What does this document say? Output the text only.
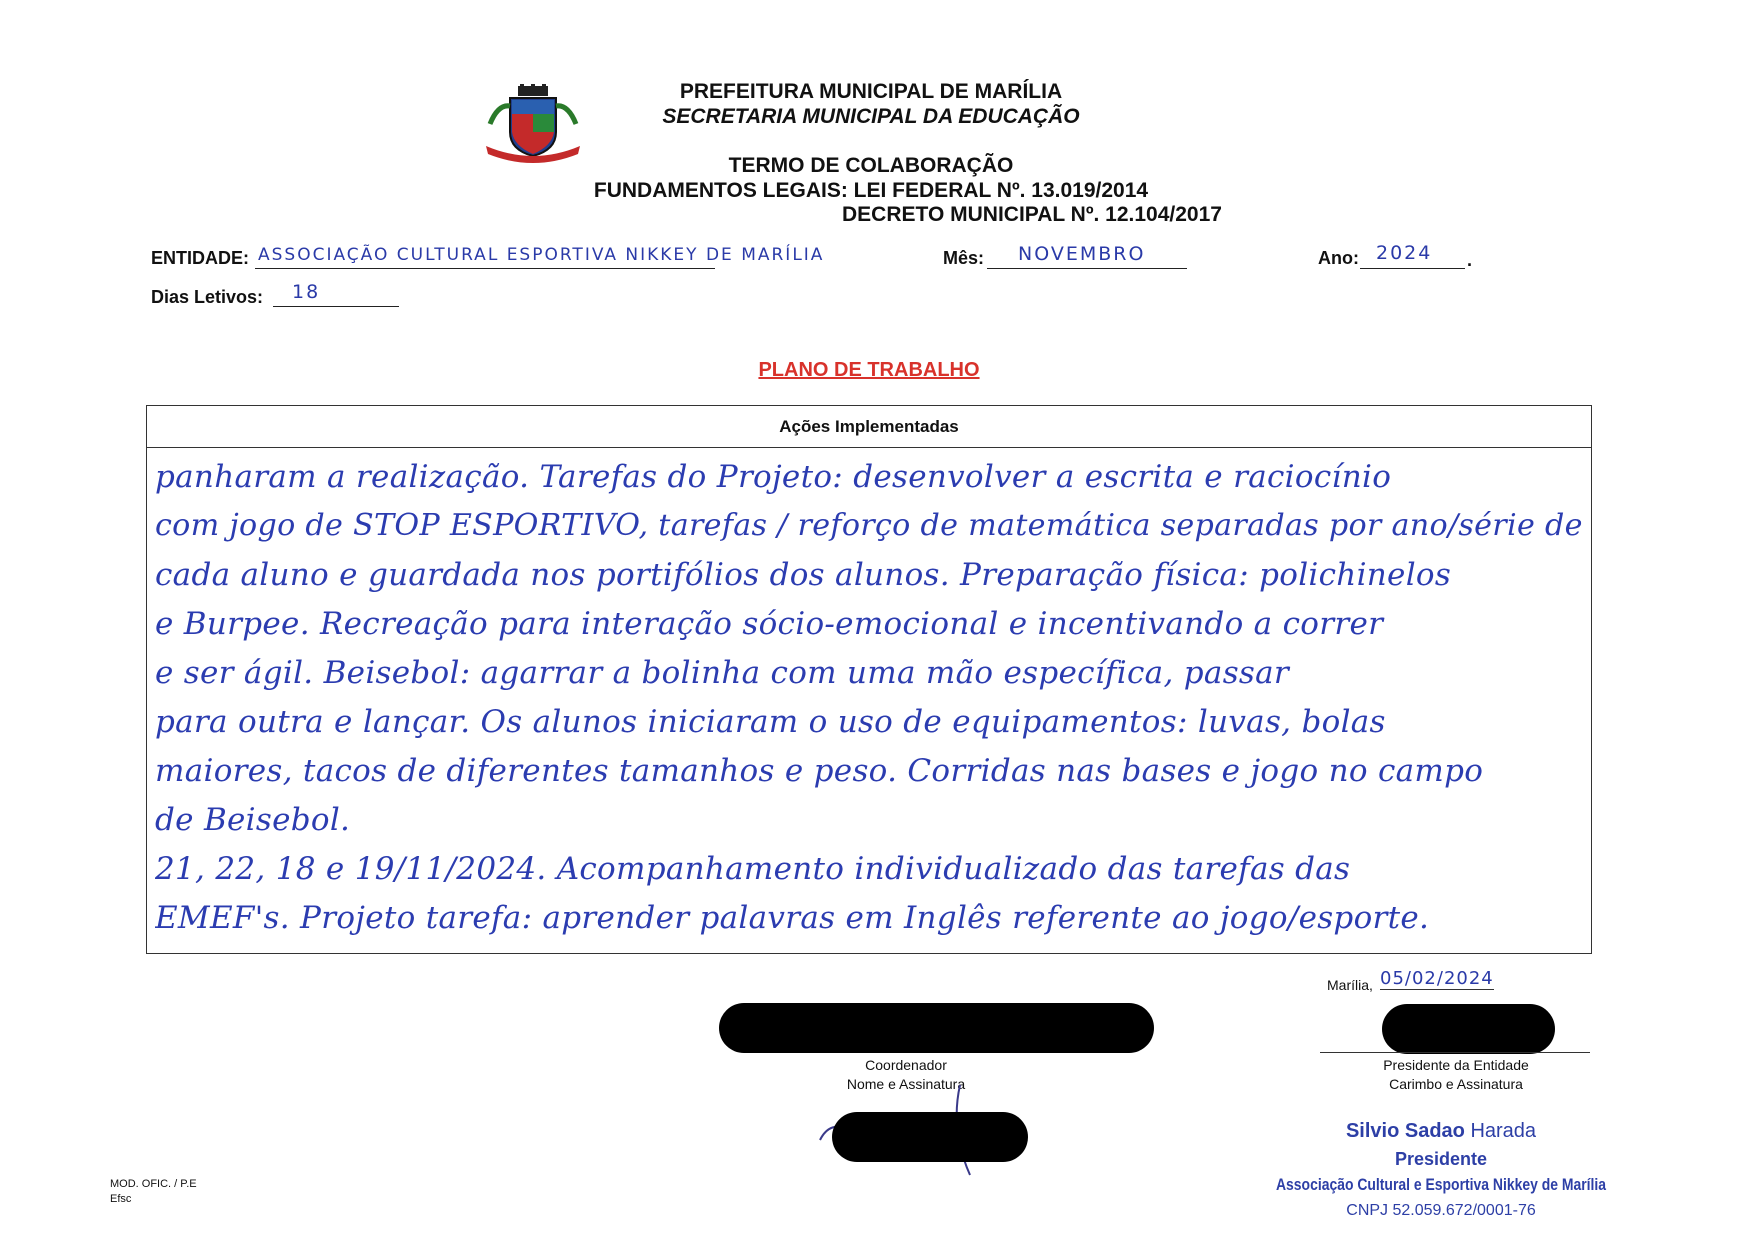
PREFEITURA MUNICIPAL DE MARÍLIA
SECRETARIA MUNICIPAL DA EDUCAÇÃO
TERMO DE COLABORAÇÃO
FUNDAMENTOS LEGAIS: LEI FEDERAL Nº. 13.019/2014
DECRETO MUNICIPAL Nº. 12.104/2017
ENTIDADE: ASSOCIAÇÃO CULTURAL ESPORTIVA NIKKEY DE MARÍLIA	Mês: NOVEMBRO	Ano: 2024 .
Dias Letivos: 18
PLANO DE TRABALHO
Ações Implementadas
panharam a realização. Tarefas do Projeto: desenvolver a escrita e raciocínio
com jogo de STOP ESPORTIVO, tarefas / reforço de matemática separadas por ano/série de
cada aluno e guardada nos portifólios dos alunos. Preparação física: polichinelos
e Burpee. Recreação para interação sócio-emocional e incentivando a correr
e ser ágil. Beisebol: agarrar a bolinha com uma mão específica, passar
para outra e lançar. Os alunos iniciaram o uso de equipamentos: luvas, bolas
maiores, tacos de diferentes tamanhos e peso. Corridas nas bases e jogo no campo
de Beisebol.
21, 22, 18 e 19/11/2024. Acompanhamento individualizado das tarefas das
EMEF's. Projeto tarefa: aprender palavras em Inglês referente ao jogo/esporte.
Marília, 05/02/2024
Coordenador
Nome e Assinatura
Presidente da Entidade
Carimbo e Assinatura
Silvio Sadao Harada
Presidente
Associação Cultural e Esportiva Nikkey de Marília
CNPJ 52.059.672/0001-76
MOD. OFIC. / P.E
Efsc
